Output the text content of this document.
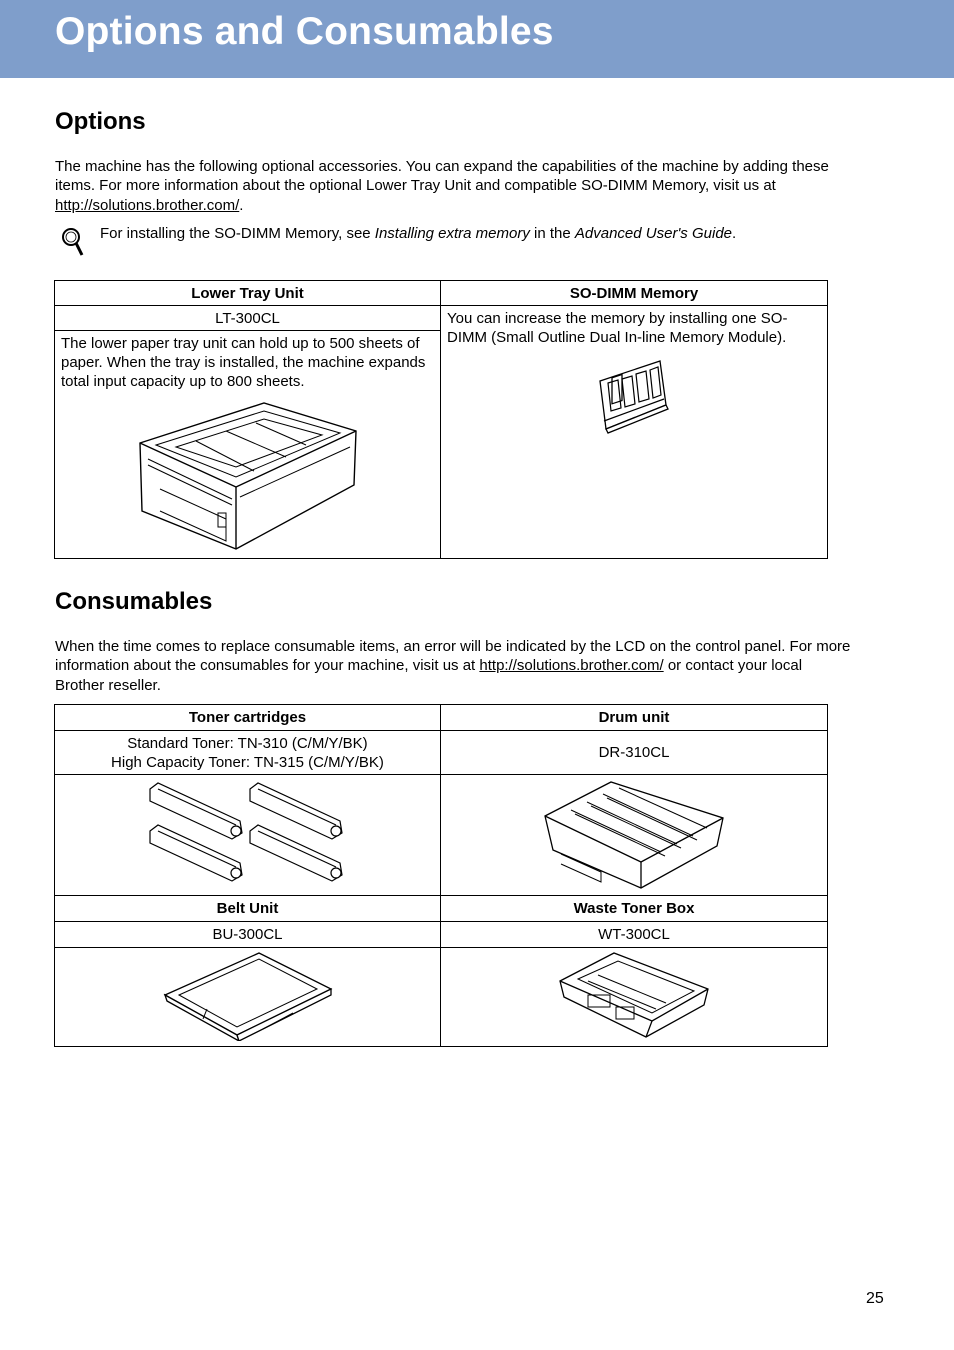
Options and Consumables
Options

The machine has the following optional accessories. You can expand the capabilities of the machine by adding these items. For more information about the optional Lower Tray Unit and compatible SO-DIMM Memory, visit us at http://solutions.brother.com/.

For installing the SO-DIMM Memory, see Installing extra memory in the Advanced User's Guide.

Lower Tray Unit	SO-DIMM Memory
LT-300CL	You can increase the memory by installing one SO-DIMM (Small Outline Dual In-line Memory Module).

The lower paper tray unit can hold up to 500 sheets of paper. When the tray is installed, the machine expands total input capacity up to 800 sheets.	
Consumables

When the time comes to replace consumable items, an error will be indicated by the LCD on the control panel. For more information about the consumables for your machine, visit us at http://solutions.brother.com/ or contact your local Brother reseller.

Toner cartridges	Drum unit

Standard Toner: TN-310 (C/M/Y/BK)
High Capacity Toner: TN-315 (C/M/Y/BK)	DR-310CL

Belt Unit	Waste Toner Box
BU-300CL	WT-300CL

25
